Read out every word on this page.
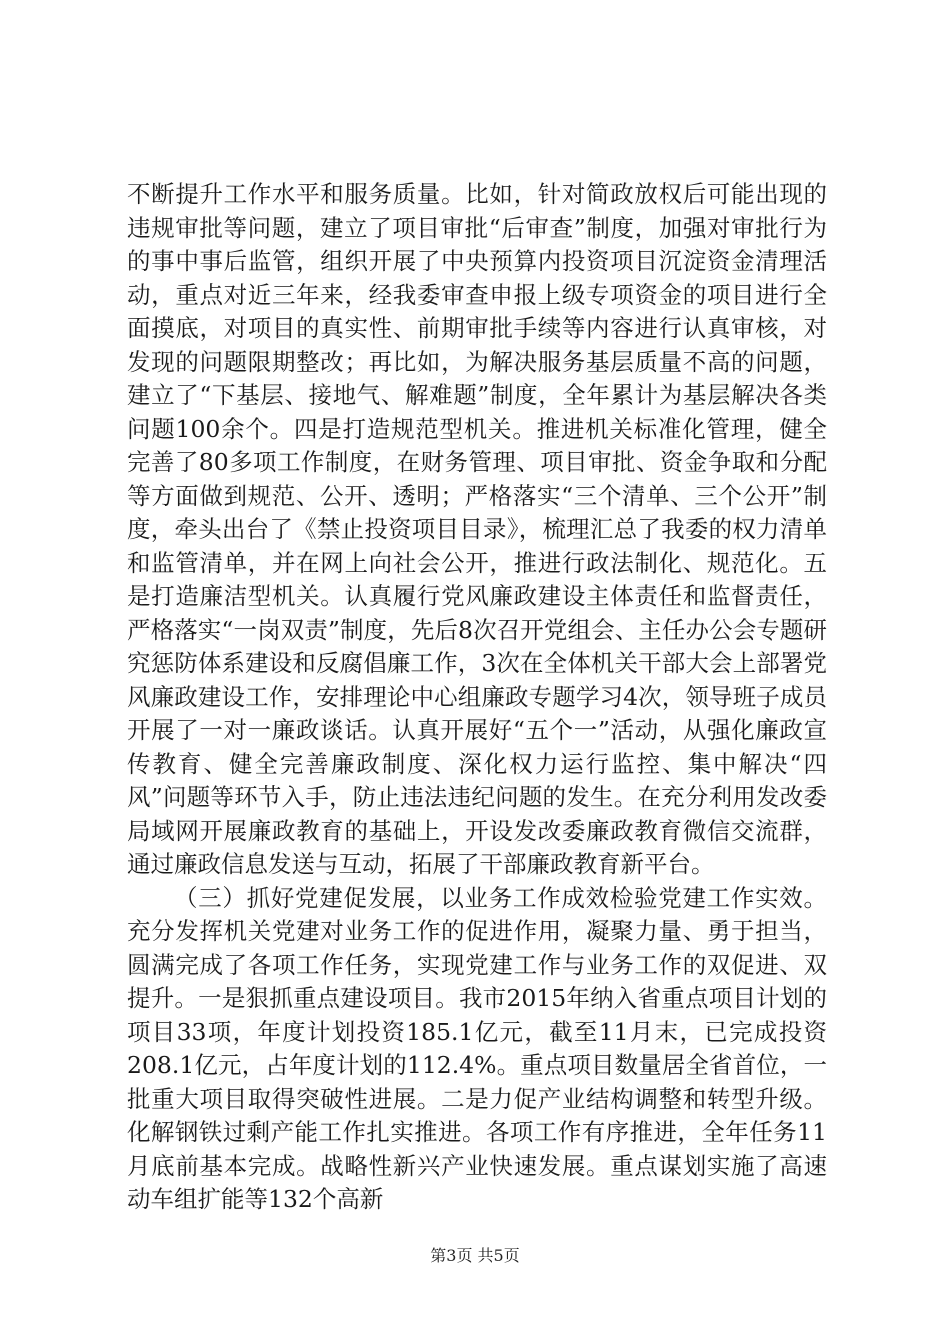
不断提升工作水平和服务质量。比如，针对简政放权后可能出现的违规审批等问题，建立了项目审批“后审查”制度，加强对审批行为的事中事后监管，组织开展了中央预算内投资项目沉淀资金清理活动，重点对近三年来，经我委审查申报上级专项资金的项目进行全面摸底，对项目的真实性、前期审批手续等内容进行认真审核，对发现的问题限期整改；再比如，为解决服务基层质量不高的问题，建立了“下基层、接地气、解难题”制度，全年累计为基层解决各类问题100余个。四是打造规范型机关。推进机关标准化管理，健全完善了80多项工作制度，在财务管理、项目审批、资金争取和分配等方面做到规范、公开、透明；严格落实“三个清单、三个公开”制度，牵头出台了《禁止投资项目目录》，梳理汇总了我委的权力清单和监管清单，并在网上向社会公开，推进行政法制化、规范化。五是打造廉洁型机关。认真履行党风廉政建设主体责任和监督责任，严格落实“一岗双责”制度，先后8次召开党组会、主任办公会专题研究惩防体系建设和反腐倡廉工作，3次在全体机关干部大会上部署党风廉政建设工作，安排理论中心组廉政专题学习4次，领导班子成员开展了一对一廉政谈话。认真开展好“五个一”活动，从强化廉政宣传教育、健全完善廉政制度、深化权力运行监控、集中解决“四风”问题等环节入手，防止违法违纪问题的发生。在充分利用发改委局域网开展廉政教育的基础上，开设发改委廉政教育微信交流群，通过廉政信息发送与互动，拓展了干部廉政教育新平台。

（三）抓好党建促发展，以业务工作成效检验党建工作实效。充分发挥机关党建对业务工作的促进作用，凝聚力量、勇于担当，圆满完成了各项工作任务，实现党建工作与业务工作的双促进、双提升。一是狠抓重点建设项目。我市2015年纳入省重点项目计划的项目33项，年度计划投资185.1亿元，截至11月末，已完成投资208.1亿元，占年度计划的112.4%。重点项目数量居全省首位，一批重大项目取得突破性进展。二是力促产业结构调整和转型升级。化解钢铁过剩产能工作扎实推进。各项工作有序推进，全年任务11月底前基本完成。战略性新兴产业快速发展。重点谋划实施了高速动车组扩能等132个高新

第3页 共5页
